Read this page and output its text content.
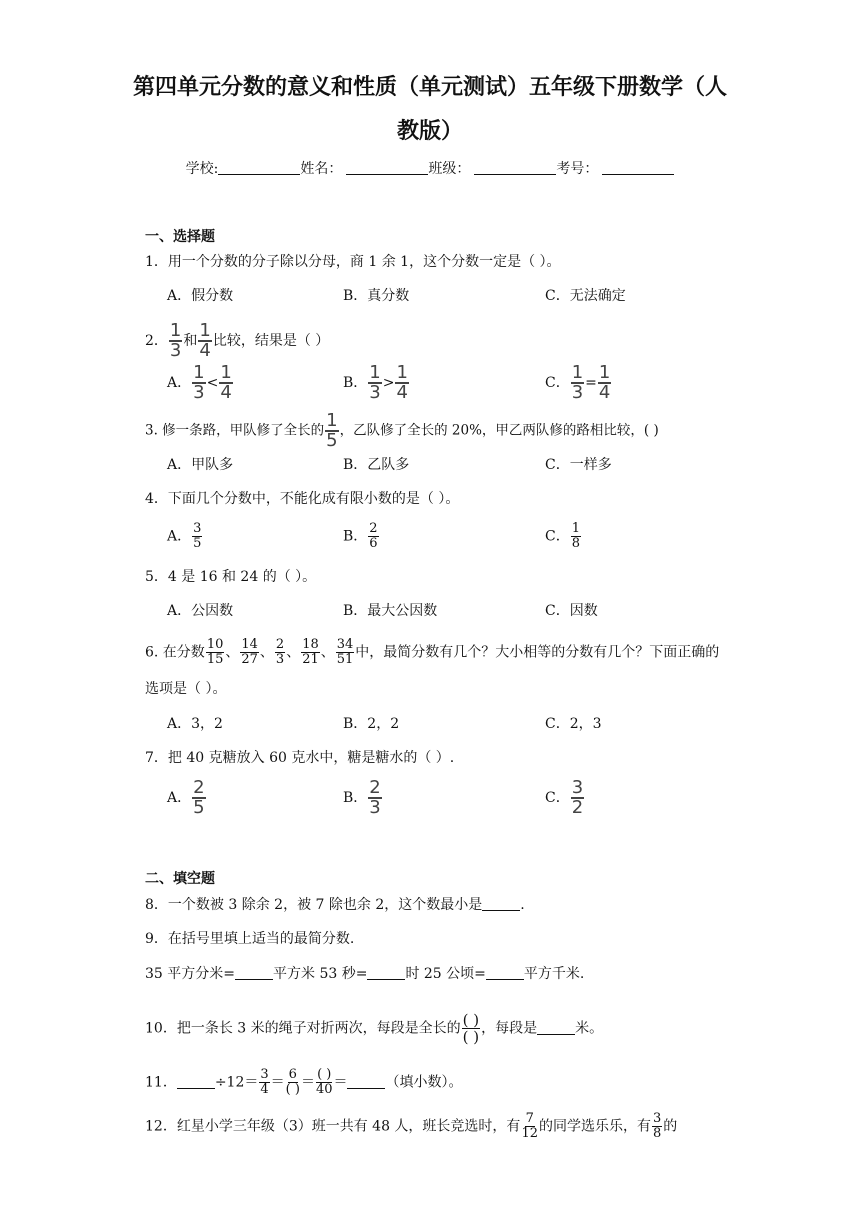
第四单元分数的意义和性质（单元测试）五年级下册数学（人
教版）
学校:	姓名：	班级：	考号：
一、选择题
1．用一个分数的分子除以分母，商 1 余 1，这个分数一定是（ ）。
A．假分数	B．真分数	C．无法确定
2． $\frac{1}{3}$ 和 $\frac{1}{4}$ 比较，结果是（ ）
A． $\frac{1}{3} < \frac{1}{4}$	B． $\frac{1}{3} > \frac{1}{4}$	C． $\frac{1}{3} = \frac{1}{4}$
3. 修一条路，甲队修了全长的 $\frac{1}{5}$ ，乙队修了全长的 20%，甲乙两队修的路相比较，( )
A．甲队多	B．乙队多	C．一样多
4．下面几个分数中，不能化成有限小数的是（ ）。
A． $\frac{3}{5}$	B． $\frac{2}{6}$	C． $\frac{1}{8}$
5．4 是 16 和 24 的（ ）。
A．公因数	B．最大公因数	C．因数
6. 在分数 $\frac{10}{15}$ 、 $\frac{14}{27}$ 、 $\frac{2}{3}$ 、 $\frac{18}{21}$ 、 $\frac{34}{51}$ 中，最简分数有几个？大小相等的分数有几个？下面正确的
选项是（ ）。
A．3，2	B．2，2	C．2，3
7．把 40 克糖放入 60 克水中，糖是糖水的（ ）.
A． $\frac{2}{5}$	B． $\frac{2}{3}$	C． $\frac{3}{2}$
二、填空题
8．一个数被 3 除余 2，被 7 除也余 2，这个数最小是	.
9．在括号里填上适当的最简分数.
35 平方分米=	平方米 53 秒=	时 25 公顷=	平方千米.
10．把一条长 3 米的绳子对折两次，每段是全长的 $\frac{( )}{( )}$ ，每段是	米。
11．	$\div 12= \frac{3}{4} = \frac{6}{( )} = \frac{( )}{40}$ ＝	（填小数）。
12．红星小学三年级（3）班一共有 48 人，班长竞选时，有 $\frac{7}{12}$ 的同学选乐乐，有 $\frac{3}{8}$ 的
